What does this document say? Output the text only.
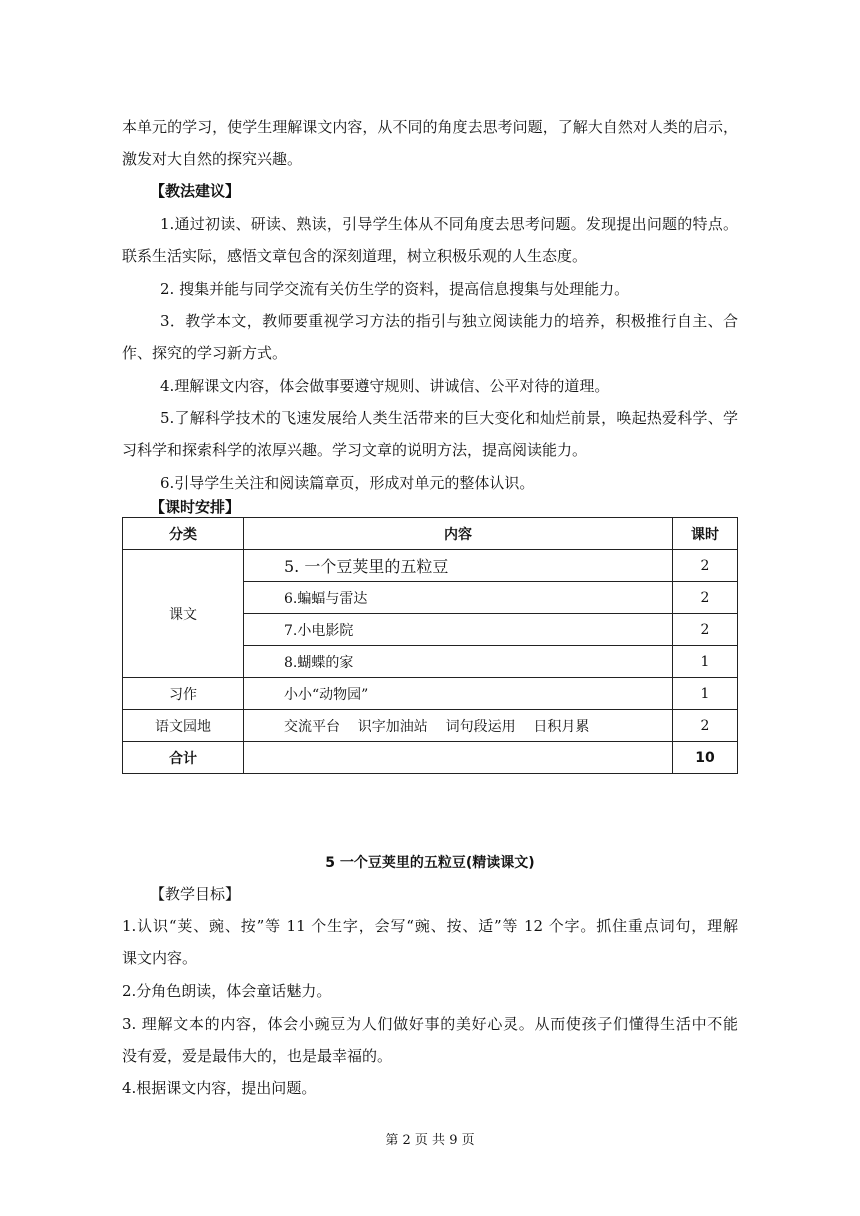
本单元的学习，使学生理解课文内容，从不同的角度去思考问题，了解大自然对人类的启示，
激发对大自然的探究兴趣。
【教法建议】
1.通过初读、研读、熟读，引导学生体从不同角度去思考问题。发现提出问题的特点。
联系生活实际，感悟文章包含的深刻道理，树立积极乐观的人生态度。
2. 搜集并能与同学交流有关仿生学的资料，提高信息搜集与处理能力。
3．教学本文，教师要重视学习方法的指引与独立阅读能力的培养，积极推行自主、合
作、探究的学习新方式。
4.理解课文内容，体会做事要遵守规则、讲诚信、公平对待的道理。
5.了解科学技术的飞速发展给人类生活带来的巨大变化和灿烂前景，唤起热爱科学、学
习科学和探索科学的浓厚兴趣。学习文章的说明方法，提高阅读能力。
6.引导学生关注和阅读篇章页，形成对单元的整体认识。
【课时安排】
分类	内容	课时
课文	5. 一个豆荚里的五粒豆	2
	6.蝙蝠与雷达	2
	7.小电影院	2
	8.蝴蝶的家	1
习作	小小“动物园”	1
语文园地	交流平台    识字加油站    词句段运用    日积月累	2
合计		10
5 一个豆荚里的五粒豆(精读课文)
【教学目标】
1.认识“荚、豌、按”等 11 个生字，会写“豌、按、适”等 12 个字。抓住重点词句，理解
课文内容。
2.分角色朗读，体会童话魅力。
3. 理解文本的内容，体会小豌豆为人们做好事的美好心灵。从而使孩子们懂得生活中不能
没有爱，爱是最伟大的，也是最幸福的。
4.根据课文内容，提出问题。
第 2 页 共 9 页
